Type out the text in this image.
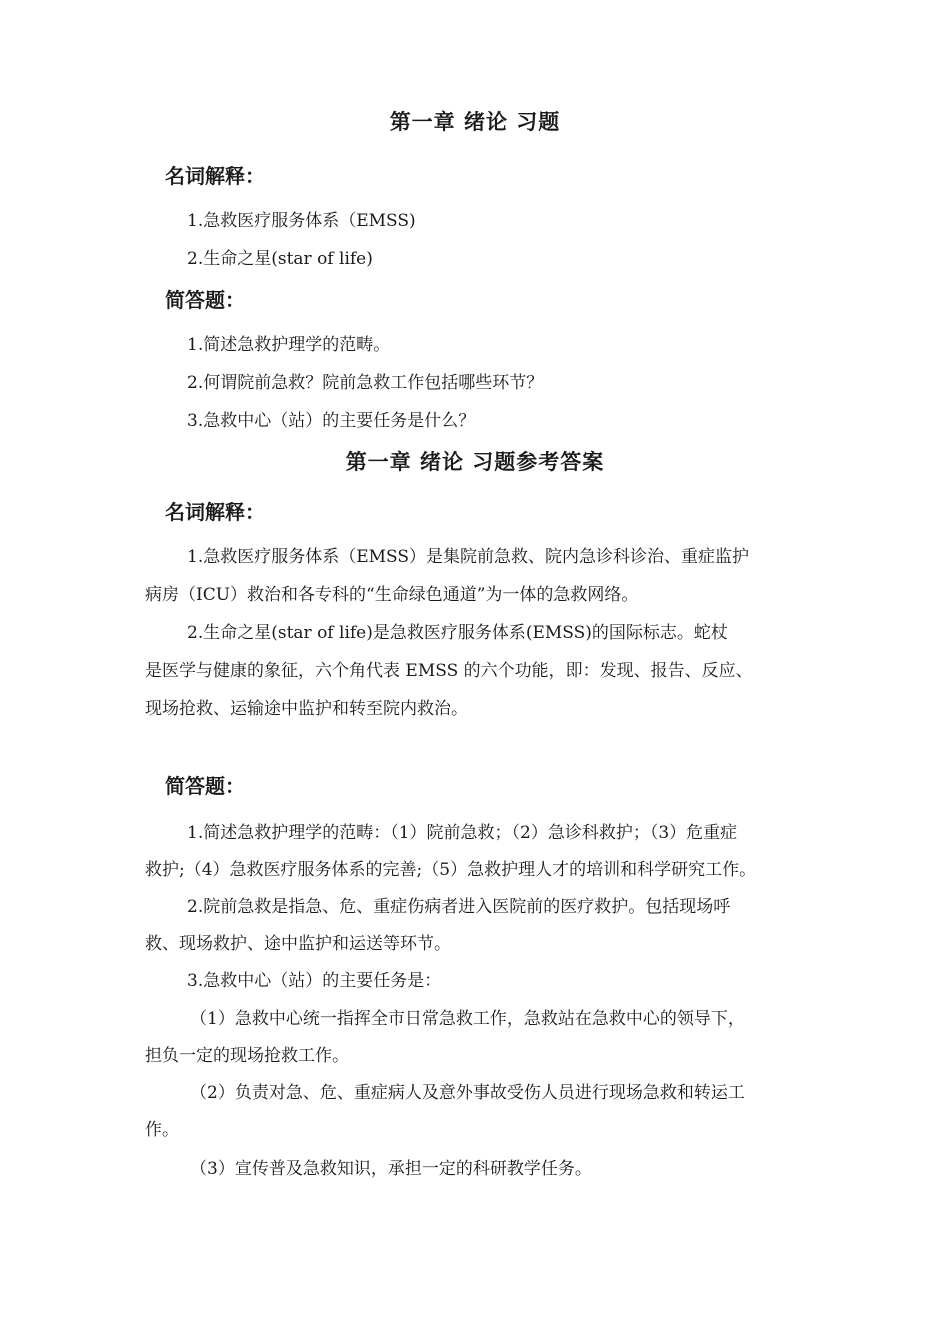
第一章 绪论 习题
名词解释：
1.急救医疗服务体系（EMSS)
2.生命之星(star of life)
简答题：
1.简述急救护理学的范畴。
2.何谓院前急救？院前急救工作包括哪些环节？
3.急救中心（站）的主要任务是什么？
第一章 绪论 习题参考答案
名词解释：
1.急救医疗服务体系（EMSS）是集院前急救、院内急诊科诊治、重症监护
病房（ICU）救治和各专科的“生命绿色通道”为一体的急救网络。
2.生命之星(star of life)是急救医疗服务体系(EMSS)的国际标志。蛇杖
是医学与健康的象征，六个角代表 EMSS 的六个功能，即：发现、报告、反应、
现场抢救、运输途中监护和转至院内救治。
简答题：
1.简述急救护理学的范畴：（1）院前急救；（2）急诊科救护；（3）危重症
救护;（4）急救医疗服务体系的完善;（5）急救护理人才的培训和科学研究工作。
2.院前急救是指急、危、重症伤病者进入医院前的医疗救护。包括现场呼
救、现场救护、途中监护和运送等环节。
3.急救中心（站）的主要任务是：
（1）急救中心统一指挥全市日常急救工作，急救站在急救中心的领导下，
担负一定的现场抢救工作。
（2）负责对急、危、重症病人及意外事故受伤人员进行现场急救和转运工
作。
（3）宣传普及急救知识，承担一定的科研教学任务。
